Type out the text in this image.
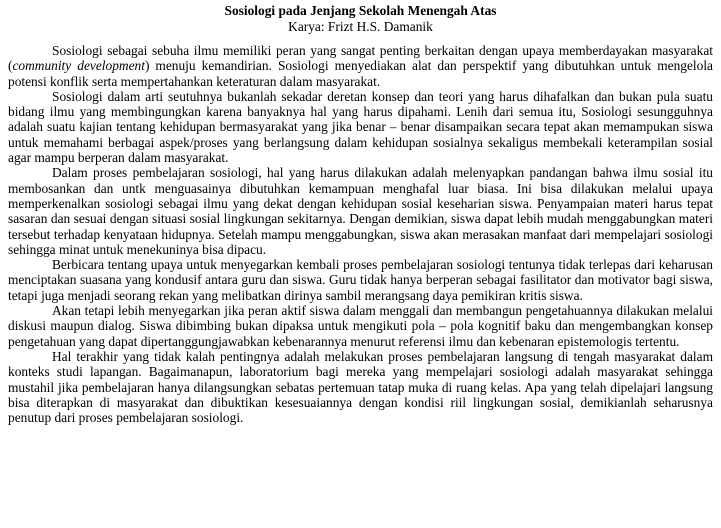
Sosiologi pada Jenjang Sekolah Menengah Atas
Karya: Frizt H.S. Damanik

Sosiologi sebagai sebuha ilmu memiliki peran yang sangat penting berkaitan dengan upaya memberdayakan masyarakat (community development) menuju kemandirian. Sosiologi menyediakan alat dan perspektif yang dibutuhkan untuk mengelola potensi konflik serta mempertahankan keteraturan dalam masyarakat.

Sosiologi dalam arti seutuhnya bukanlah sekadar deretan konsep dan teori yang harus dihafalkan dan bukan pula suatu bidang ilmu yang membingungkan karena banyaknya hal yang harus dipahami. Lenih dari semua itu, Sosiologi sesungguhnya adalah suatu kajian tentang kehidupan bermasyarakat yang jika benar – benar disampaikan secara tepat akan memampukan siswa untuk memahami berbagai aspek/proses yang berlangsung dalam kehidupan sosialnya sekaligus membekali keterampilan sosial agar mampu berperan dalam masyarakat.

Dalam proses pembelajaran sosiologi, hal yang harus dilakukan adalah melenyapkan pandangan bahwa ilmu sosial itu membosankan dan untk menguasainya dibutuhkan kemampuan menghafal luar biasa. Ini bisa dilakukan melalui upaya memperkenalkan sosiologi sebagai ilmu yang dekat dengan kehidupan sosial keseharian siswa. Penyampaian materi harus tepat sasaran dan sesuai dengan situasi sosial lingkungan sekitarnya. Dengan demikian, siswa dapat lebih mudah menggabungkan materi tersebut terhadap kenyataan hidupnya. Setelah mampu menggabungkan, siswa akan merasakan manfaat dari mempelajari sosiologi sehingga minat untuk menekuninya bisa dipacu.

Berbicara tentang upaya untuk menyegarkan kembali proses pembelajaran sosiologi tentunya tidak terlepas dari keharusan menciptakan suasana yang kondusif antara guru dan siswa. Guru tidak hanya berperan sebagai fasilitator dan motivator bagi siswa, tetapi juga menjadi seorang rekan yang melibatkan dirinya sambil merangsang daya pemikiran kritis siswa.

Akan tetapi lebih menyegarkan jika peran aktif siswa dalam menggali dan membangun pengetahuannya dilakukan melalui diskusi maupun dialog. Siswa dibimbing bukan dipaksa untuk mengikuti pola – pola kognitif baku dan mengembangkan konsep pengetahuan yang dapat dipertanggungjawabkan kebenarannya menurut referensi ilmu dan kebenaran epistemologis tertentu.

Hal terakhir yang tidak kalah pentingnya adalah melakukan proses pembelajaran langsung di tengah masyarakat dalam konteks studi lapangan. Bagaimanapun, laboratorium bagi mereka yang mempelajari sosiologi adalah masyarakat sehingga mustahil jika pembelajaran hanya dilangsungkan sebatas pertemuan tatap muka di ruang kelas. Apa yang telah dipelajari langsung bisa diterapkan di masyarakat dan dibuktikan kesesuaiannya dengan kondisi riil lingkungan sosial, demikianlah seharusnya penutup dari proses pembelajaran sosiologi.
